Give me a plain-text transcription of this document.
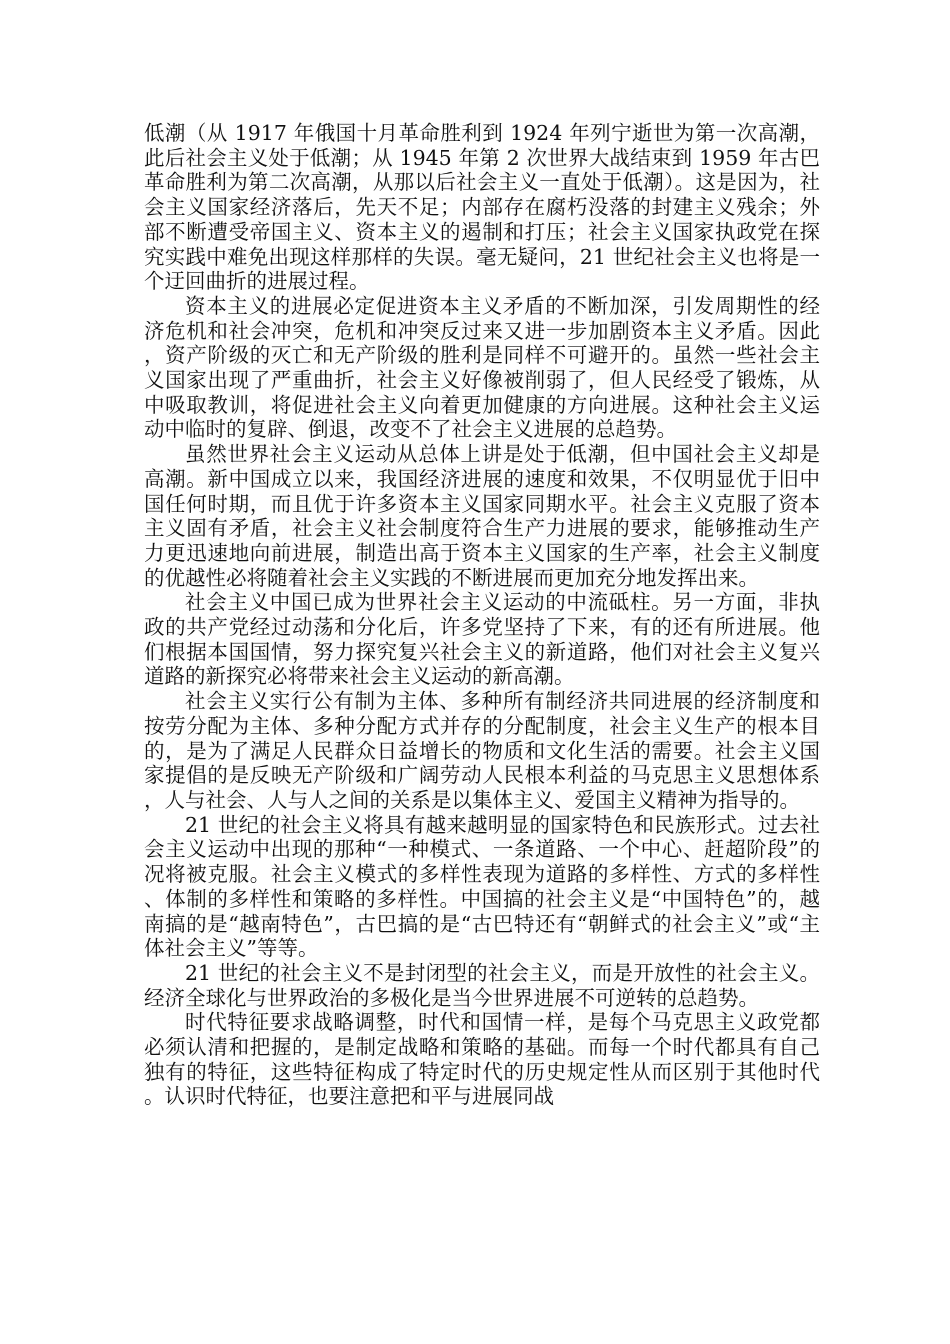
低潮（从 1917 年俄国十月革命胜利到 1924 年列宁逝世为第一次高潮，此后社会主义处于低潮；从 1945 年第 2 次世界大战结束到 1959 年古巴革命胜利为第二次高潮，从那以后社会主义一直处于低潮）。这是因为，社会主义国家经济落后，先天不足；内部存在腐朽没落的封建主义残余；外部不断遭受帝国主义、资本主义的遏制和打压；社会主义国家执政党在探究实践中难免出现这样那样的失误。毫无疑问，21 世纪社会主义也将是一个迂回曲折的进展过程。

资本主义的进展必定促进资本主义矛盾的不断加深，引发周期性的经济危机和社会冲突，危机和冲突反过来又进一步加剧资本主义矛盾。因此，资产阶级的灭亡和无产阶级的胜利是同样不可避开的。虽然一些社会主义国家出现了严重曲折，社会主义好像被削弱了，但人民经受了锻炼，从中吸取教训，将促进社会主义向着更加健康的方向进展。这种社会主义运动中临时的复辟、倒退，改变不了社会主义进展的总趋势。

虽然世界社会主义运动从总体上讲是处于低潮，但中国社会主义却是高潮。新中国成立以来，我国经济进展的速度和效果，不仅明显优于旧中国任何时期，而且优于许多资本主义国家同期水平。社会主义克服了资本主义固有矛盾，社会主义社会制度符合生产力进展的要求，能够推动生产力更迅速地向前进展，制造出高于资本主义国家的生产率，社会主义制度的优越性必将随着社会主义实践的不断进展而更加充分地发挥出来。

社会主义中国已成为世界社会主义运动的中流砥柱。另一方面，非执政的共产党经过动荡和分化后，许多党坚持了下来，有的还有所进展。他们根据本国国情，努力探究复兴社会主义的新道路，他们对社会主义复兴道路的新探究必将带来社会主义运动的新高潮。

社会主义实行公有制为主体、多种所有制经济共同进展的经济制度和按劳分配为主体、多种分配方式并存的分配制度，社会主义生产的根本目的，是为了满足人民群众日益增长的物质和文化生活的需要。社会主义国家提倡的是反映无产阶级和广阔劳动人民根本利益的马克思主义思想体系，人与社会、人与人之间的关系是以集体主义、爱国主义精神为指导的。

21 世纪的社会主义将具有越来越明显的国家特色和民族形式。过去社会主义运动中出现的那种“一种模式、一条道路、一个中心、赶超阶段”的况将被克服。社会主义模式的多样性表现为道路的多样性、方式的多样性、体制的多样性和策略的多样性。中国搞的社会主义是“中国特色”的，越南搞的是“越南特色”，古巴搞的是“古巴特还有“朝鲜式的社会主义”或“主体社会主义”等等。

21 世纪的社会主义不是封闭型的社会主义，而是开放性的社会主义。经济全球化与世界政治的多极化是当今世界进展不可逆转的总趋势。

时代特征要求战略调整，时代和国情一样，是每个马克思主义政党都必须认清和把握的，是制定战略和策略的基础。而每一个时代都具有自己独有的特征，这些特征构成了特定时代的历史规定性从而区别于其他时代。认识时代特征，也要注意把和平与进展同战
